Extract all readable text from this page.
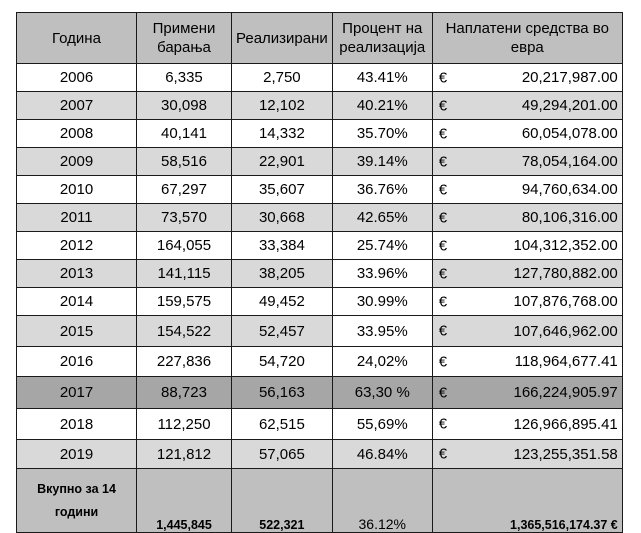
Година	Примени барања	Реализирани	Процент на реализација	Наплатени средства во евра
2006	6,335	2,750	43.41%	€ 20,217,987.00
2007	30,098	12,102	40.21%	€ 49,294,201.00
2008	40,141	14,332	35.70%	€ 60,054,078.00
2009	58,516	22,901	39.14%	€ 78,054,164.00
2010	67,297	35,607	36.76%	€ 94,760,634.00
2011	73,570	30,668	42.65%	€ 80,106,316.00
2012	164,055	33,384	25.74%	€ 104,312,352.00
2013	141,115	38,205	33.96%	€ 127,780,882.00
2014	159,575	49,452	30.99%	€ 107,876,768.00
2015	154,522	52,457	33.95%	€ 107,646,962.00
2016	227,836	54,720	24,02%	€ 118,964,677.41
2017	88,723	56,163	63,30 %	€ 166,224,905.97
2018	112,250	62,515	55,69%	€ 126,966,895.41
2019	121,812	57,065	46.84%	€ 123,255,351.58
Вкупно за 14 години	1,445,845	522,321	36.12%	1,365,516,174.37 €
